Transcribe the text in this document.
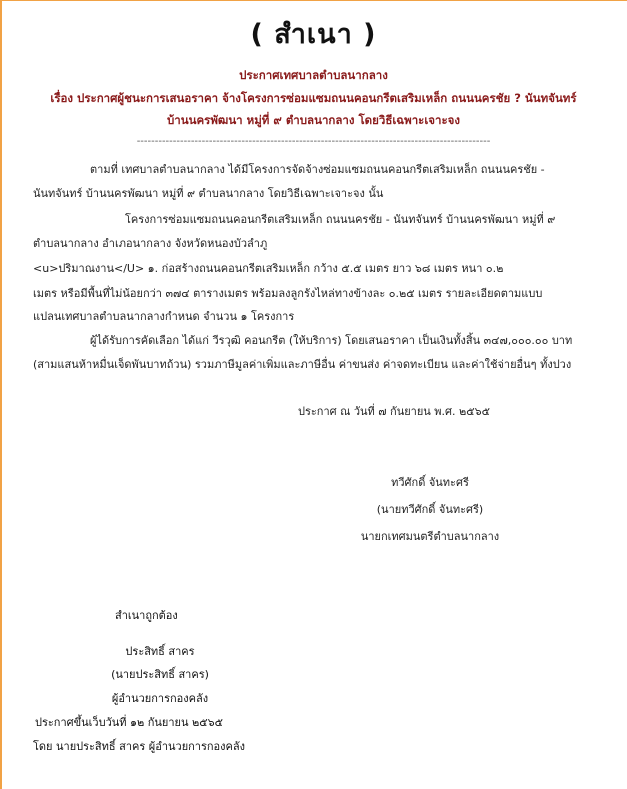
( สำเนา )
ประกาศเทศบาลตำบลนากลาง
เรื่อง ประกาศผู้ชนะการเสนอราคา จ้างโครงการซ่อมแซมถนนคอนกรีตเสริมเหล็ก ถนนนครชัย ? นันทจันทร์
บ้านนครพัฒนา หมู่ที่ ๙ ตำบลนากลาง โดยวิธีเฉพาะเจาะจง
--------------------------------------------------------------------------------------------------
ตามที่ เทศบาลตำบลนากลาง ได้มีโครงการจัดจ้างซ่อมแซมถนนคอนกรีตเสริมเหล็ก ถนนนครชัย -
นันทจันทร์ บ้านนครพัฒนา หมู่ที่ ๙ ตำบลนากลาง โดยวิธีเฉพาะเจาะจง นั้น
โครงการซ่อมแซมถนนคอนกรีตเสริมเหล็ก ถนนนครชัย - นันทจันทร์ บ้านนครพัฒนา หมู่ที่ ๙
ตำบลนากลาง อำเภอนากลาง จังหวัดหนองบัวลำภู
<u>ปริมาณงาน</U> ๑. ก่อสร้างถนนคอนกรีตเสริมเหล็ก กว้าง ๕.๕ เมตร ยาว ๖๘ เมตร หนา ๐.๒
เมตร หรือมีพื้นที่ไม่น้อยกว่า ๓๗๔ ตารางเมตร พร้อมลงลูกรังไหล่ทางข้างละ ๐.๒๕ เมตร รายละเอียดตามแบบ
แปลนเทศบาลตำบลนากลางกำหนด จำนวน ๑ โครงการ
ผู้ได้รับการคัดเลือก ได้แก่ วีรวุฒิ คอนกรีต (ให้บริการ) โดยเสนอราคา เป็นเงินทั้งสิ้น ๓๔๗,๐๐๐.๐๐ บาท
(สามแสนห้าหมื่นเจ็ดพันบาทถ้วน) รวมภาษีมูลค่าเพิ่มและภาษีอื่น ค่าขนส่ง ค่าจดทะเบียน และค่าใช้จ่ายอื่นๆ ทั้งปวง
ประกาศ ณ วันที่ ๗ กันยายน พ.ศ. ๒๕๖๕
ทวีศักดิ์ จันทะศรี
(นายทวีศักดิ์ จันทะศรี)
นายกเทศมนตรีตำบลนากลาง
สำเนาถูกต้อง
ประสิทธิ์ สาคร
(นายประสิทธิ์ สาคร)
ผู้อำนวยการกองคลัง
ประกาศขึ้นเว็บวันที่ ๑๒ กันยายน ๒๕๖๕
โดย นายประสิทธิ์ สาคร ผู้อำนวยการกองคลัง
